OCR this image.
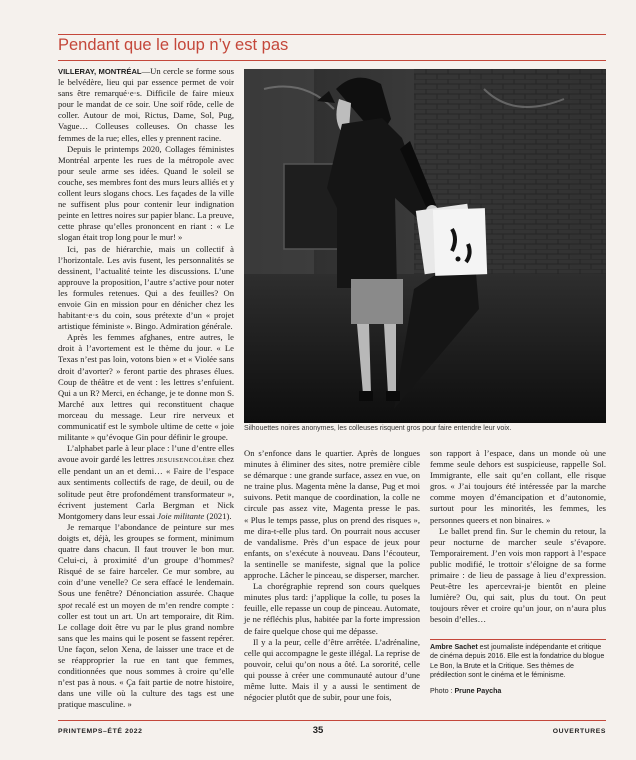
Pendant que le loup n’y est pas

VILLERAY, MONTRÉAL—Un cercle se forme sous le belvédère, lieu qui par essence permet de voir sans être remarqué·e·s. Difficile de faire mieux pour le mandat de ce soir. Une soif rôde, celle de coller. Autour de moi, Rictus, Dame, Sol, Pug, Vague… Colleuses colleuses. On chasse les femmes de la rue; elles, elles y prennent racine.

Depuis le printemps 2020, Collages féministes Montréal arpente les rues de la métropole avec pour seule arme ses idées. Quand le soleil se couche, ses membres font des murs leurs alliés et y collent leurs slogans chocs. Les façades de la ville ne suffisent plus pour contenir leur indignation peinte en lettres noires sur papier blanc. La preuve, cette phrase qu’elles prononcent en riant : « Le slogan était trop long pour le mur! »

Ici, pas de hiérarchie, mais un collectif à l’horizontale. Les avis fusent, les personnalités se dessinent, l’actualité teinte les discussions. L’une approuve la proposition, l’autre s’active pour noter les formules retenues. Qui a des feuilles? On envoie Gin en mission pour en dénicher chez les habitant·e·s du coin, sous prétexte d’un « projet artistique féministe ». Bingo. Admiration générale.

Après les femmes afghanes, entre autres, le droit à l’avortement est le thème du jour. « Le Texas n’est pas loin, votons bien » et « Violée sans droit d’avorter? » feront partie des phrases élues. Coup de théâtre et de vent : les lettres s’enfuient. Qui a un R? Merci, en échange, je te donne mon S. Marché aux lettres qui reconstituent chaque morceau du message. Leur rire nerveux et communicatif est le symbole ultime de cette « joie militante » qu’évoque Gin pour définir le groupe.

L’alphabet parle à leur place : l’une d’entre elles avoue avoir gardé les lettres JESUISENCOLÈRE chez elle pendant un an et demi… « Faire de l’espace aux sentiments collectifs de rage, de deuil, ou de solitude peut être profondément transformateur », écrivent justement Carla Bergman et Nick Montgomery dans leur essai Joie militante (2021).

Je remarque l’abondance de peinture sur mes doigts et, déjà, les groupes se forment, minimum quatre dans chacun. Il faut trouver le bon mur. Celui-ci, à proximité d’un groupe d’hommes? Risqué de se faire harceler. Ce mur sombre, au coin d’une venelle? Ce sera effacé le lendemain. Sous une fenêtre? Dénonciation assurée. Chaque spot recalé est un moyen de m’en rendre compte : coller est tout un art. Un art temporaire, dit Rim. Le collage doit être vu par le plus grand nombre sans que les mains qui le posent se fassent repérer. Une façon, selon Xena, de laisser une trace et de se réapproprier la rue en tant que femmes, conditionnées que nous sommes à croire qu’elle n’est pas à nous. « Ça fait partie de notre histoire, dans une ville où la culture des tags est une pratique masculine. »

Silhouettes noires anonymes, les colleuses risquent gros pour faire entendre leur voix.

On s’enfonce dans le quartier. Après de longues minutes à éliminer des sites, notre première cible se démarque : une grande surface, assez en vue, on ne traine plus. Magenta mène la danse, Pug et moi suivons. Petit manque de coordination, la colle ne circule pas assez vite, Magenta presse le pas. « Plus le temps passe, plus on prend des risques », me dira-t-elle plus tard. On pourrait nous accuser de vandalisme. Près d’un espace de jeux pour enfants, on s’exécute à nouveau. Dans l’écouteur, la sentinelle se manifeste, signal que la police approche. Lâcher le pinceau, se disperser, marcher.

La chorégraphie reprend son cours quelques minutes plus tard: j’applique la colle, tu poses la feuille, elle repasse un coup de pinceau. Automate, je ne réfléchis plus, habitée par la forte impression de faire quelque chose qui me dépasse.

Il y a la peur, celle d’être arrêtée. L’adrénaline, celle qui accompagne le geste illégal. La reprise de pouvoir, celui qu’on nous a ôté. La sororité, celle qui pousse à créer une communauté autour d’une même lutte. Mais il y a aussi le sentiment de négocier plutôt que de subir, pour une fois,

son rapport à l’espace, dans un monde où une femme seule dehors est suspicieuse, rappelle Sol. Immigrante, elle sait qu’en collant, elle risque gros. « J’ai toujours été intéressée par la marche comme moyen d’émancipation et d’autonomie, surtout pour les minorités, les femmes, les personnes queers et non binaires. »

Le ballet prend fin. Sur le chemin du retour, la peur nocturne de marcher seule s’évapore. Temporairement. J’en vois mon rapport à l’espace public modifié, le trottoir s’éloigne de sa forme primaire : de lieu de passage à lieu d’expression. Peut-être les apercevrai-je bientôt en pleine lumière? Ou, qui sait, plus du tout. On peut toujours rêver et croire qu’un jour, on n’aura plus besoin d’elles…

Ambre Sachet est journaliste indépendante et critique de cinéma depuis 2016. Elle est la fondatrice du blogue Le Bon, la Brute et la Critique. Ses thèmes de prédilection sont le cinéma et le féminisme.
Photo : Prune Paycha
PRINTEMPS–ÉTÉ 2022	35	OUVERTURES
